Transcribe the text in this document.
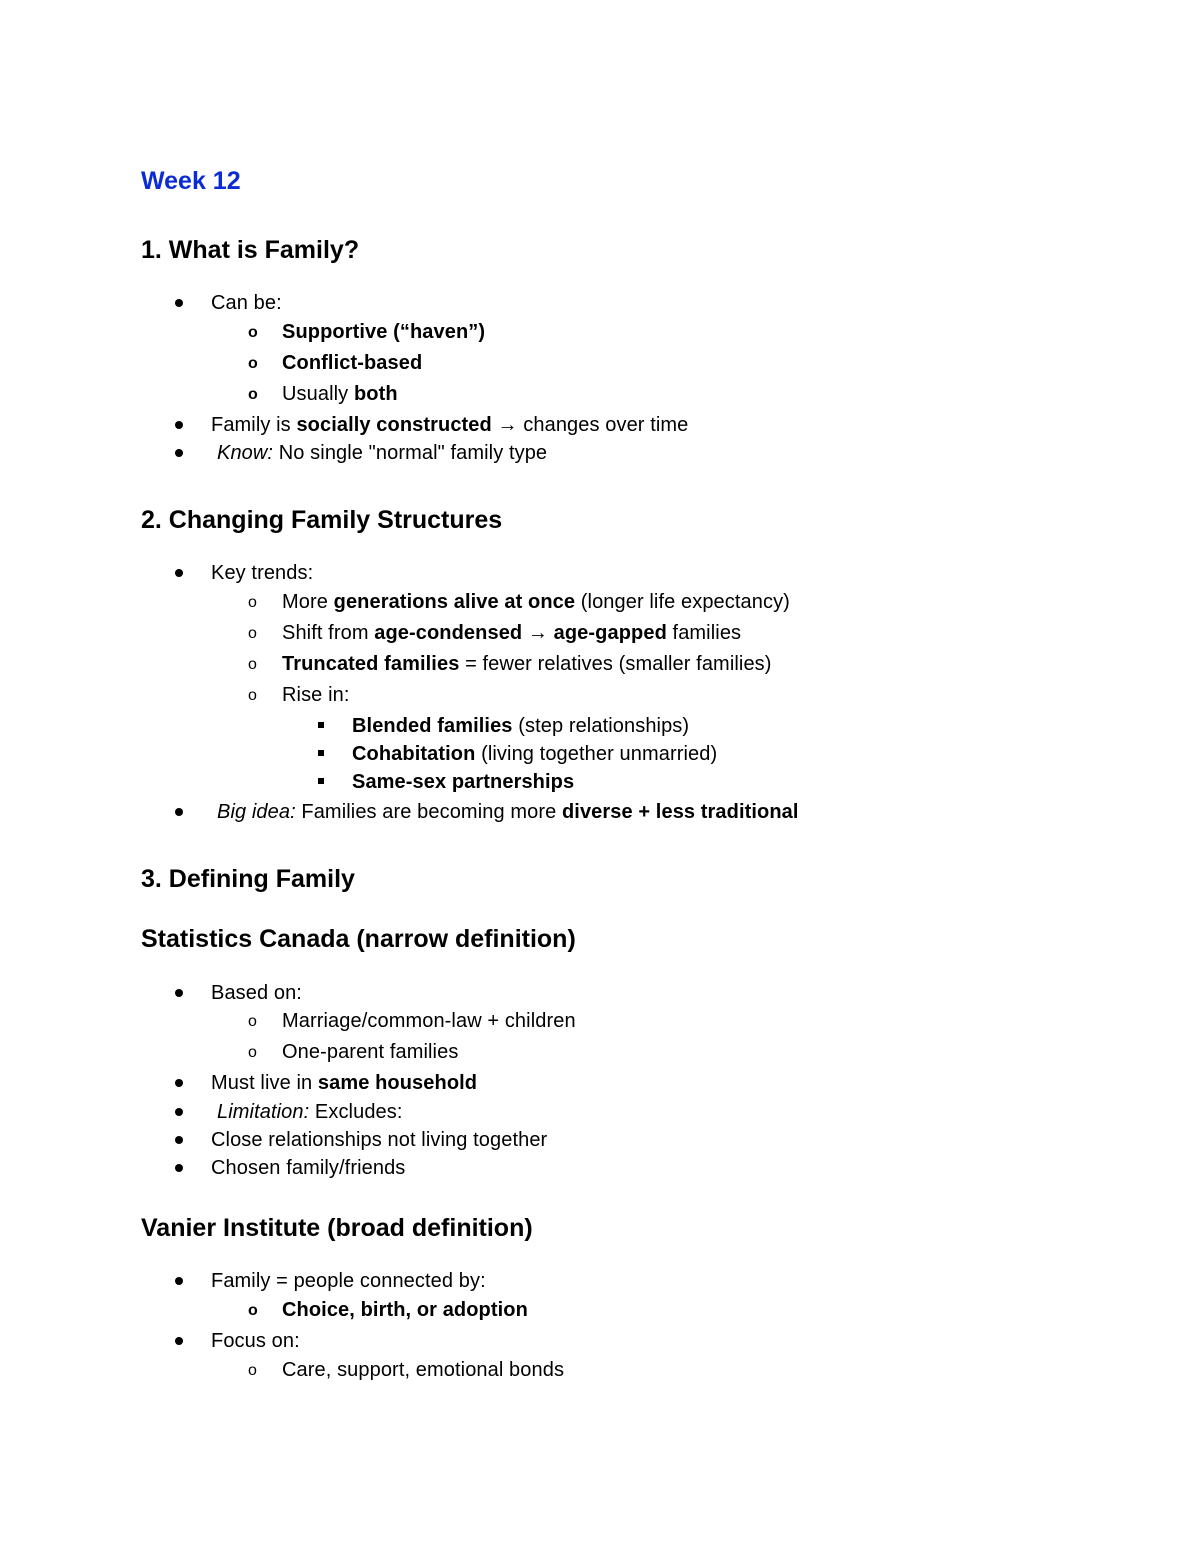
Week 12
1. What is Family?
Can be:
o Supportive (“haven”)
o Conflict-based
o Usually both
Family is socially constructed → changes over time
Know: No single "normal" family type
2. Changing Family Structures
Key trends:
o More generations alive at once (longer life expectancy)
o Shift from age-condensed → age-gapped families
o Truncated families = fewer relatives (smaller families)
o Rise in:
Blended families (step relationships)
Cohabitation (living together unmarried)
Same-sex partnerships
Big idea: Families are becoming more diverse + less traditional
3. Defining Family
Statistics Canada (narrow definition)
Based on:
o Marriage/common-law + children
o One-parent families
Must live in same household
Limitation: Excludes:
Close relationships not living together
Chosen family/friends
Vanier Institute (broad definition)
Family = people connected by:
o Choice, birth, or adoption
Focus on:
o Care, support, emotional bonds
